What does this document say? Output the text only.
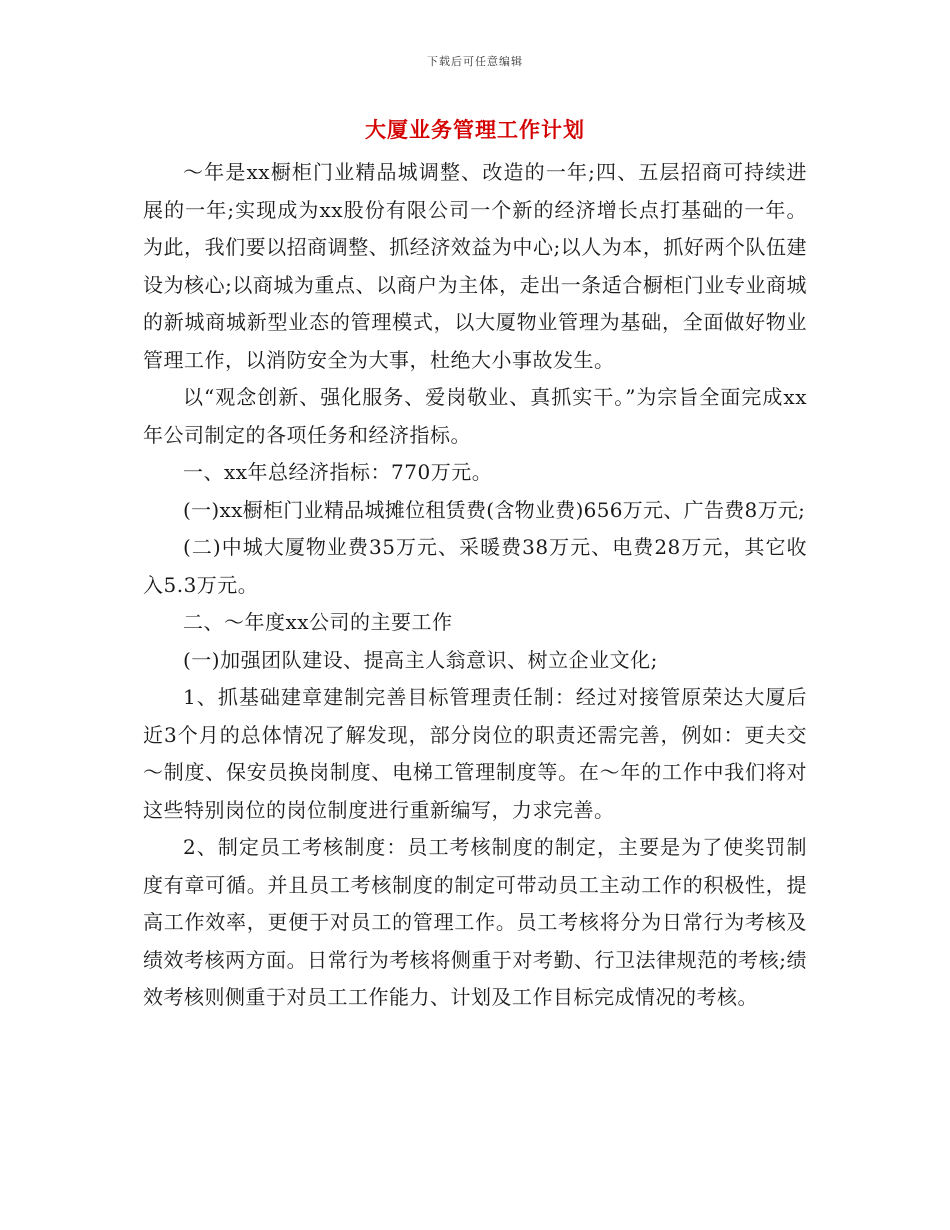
下载后可任意编辑
大厦业务管理工作计划

～年是xx橱柜门业精品城调整、改造的一年;四、五层招商可持续进展的一年;实现成为xx股份有限公司一个新的经济增长点打基础的一年。为此，我们要以招商调整、抓经济效益为中心;以人为本，抓好两个队伍建设为核心;以商城为重点、以商户为主体，走出一条适合橱柜门业专业商城的新城商城新型业态的管理模式，以大厦物业管理为基础，全面做好物业管理工作，以消防安全为大事，杜绝大小事故发生。

以“观念创新、强化服务、爱岗敬业、真抓实干。”为宗旨全面完成xx年公司制定的各项任务和经济指标。

一、xx年总经济指标：770万元。

(一)xx橱柜门业精品城摊位租赁费(含物业费)656万元、广告费8万元;

(二)中城大厦物业费35万元、采暖费38万元、电费28万元，其它收入5.3万元。

二、～年度xx公司的主要工作

(一)加强团队建设、提高主人翁意识、树立企业文化;

1、抓基础建章建制完善目标管理责任制：经过对接管原荣达大厦后近3个月的总体情况了解发现，部分岗位的职责还需完善，例如：更夫交～制度、保安员换岗制度、电梯工管理制度等。在～年的工作中我们将对这些特别岗位的岗位制度进行重新编写，力求完善。

2、制定员工考核制度：员工考核制度的制定，主要是为了使奖罚制度有章可循。并且员工考核制度的制定可带动员工主动工作的积极性，提高工作效率，更便于对员工的管理工作。员工考核将分为日常行为考核及绩效考核两方面。日常行为考核将侧重于对考勤、行卫法律规范的考核;绩效考核则侧重于对员工工作能力、计划及工作目标完成情况的考核。
